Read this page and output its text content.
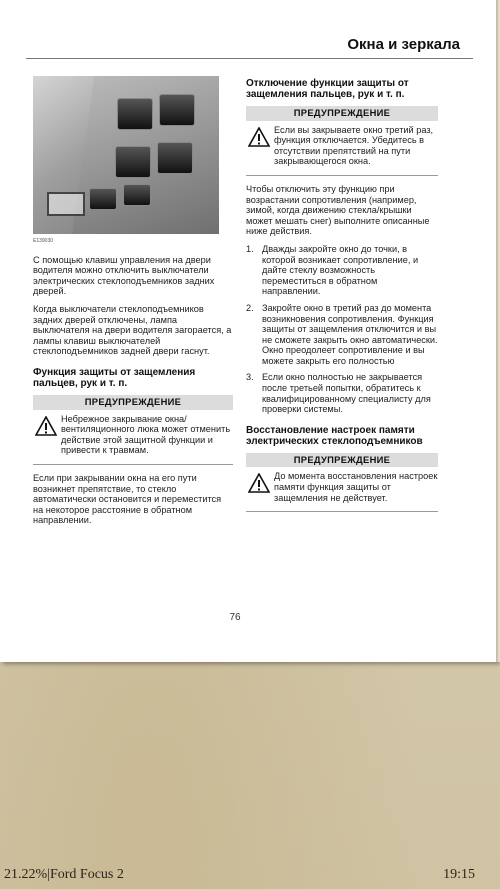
Окна и зеркала
E139030

С помощью клавиш управления на двери водителя можно отключить выключатели электрических стеклоподъемников задних дверей.

Когда выключатели стеклоподъемников задних дверей отключены, лампа выключателя на двери водителя загорается, а лампы клавиш выключателей стеклоподъемников задней двери гаснут.

Функция защиты от защемления пальцев, рук и т. п.
ПРЕДУПРЕЖДЕНИЕ
Небрежное закрывание окна/вентиляционного люка может отменить действие этой защитной функции и привести к травмам.

Если при закрывании окна на его пути возникнет препятствие, то стекло автоматически остановится и переместится на некоторое расстояние в обратном направлении.

Отключение функции защиты от защемления пальцев, рук и т. п.
ПРЕДУПРЕЖДЕНИЕ
Если вы закрываете окно третий раз, функция отключается. Убедитесь в отсутствии препятствий на пути закрывающегося окна.

Чтобы отключить эту функцию при возрастании сопротивления (например, зимой, когда движению стекла/крышки может мешать снег) выполните описанные ниже действия.

1. Дважды закройте окно до точки, в которой возникает сопротивление, и дайте стеклу возможность переместиться в обратном направлении.
2. Закройте окно в третий раз до момента возникновения сопротивления. Функция защиты от защемления отключится и вы не сможете закрыть окно автоматически. Окно преодолеет сопротивление и вы можете закрыть его полностью
3. Если окно полностью не закрывается после третьей попытки, обратитесь к квалифицированному специалисту для проверки системы.
Восстановление настроек памяти электрических стеклоподъемников
ПРЕДУПРЕЖДЕНИЕ
До момента восстановления настроек памяти функция защиты от защемления не действует.
76
21.22%|Ford Focus 2	19:15
